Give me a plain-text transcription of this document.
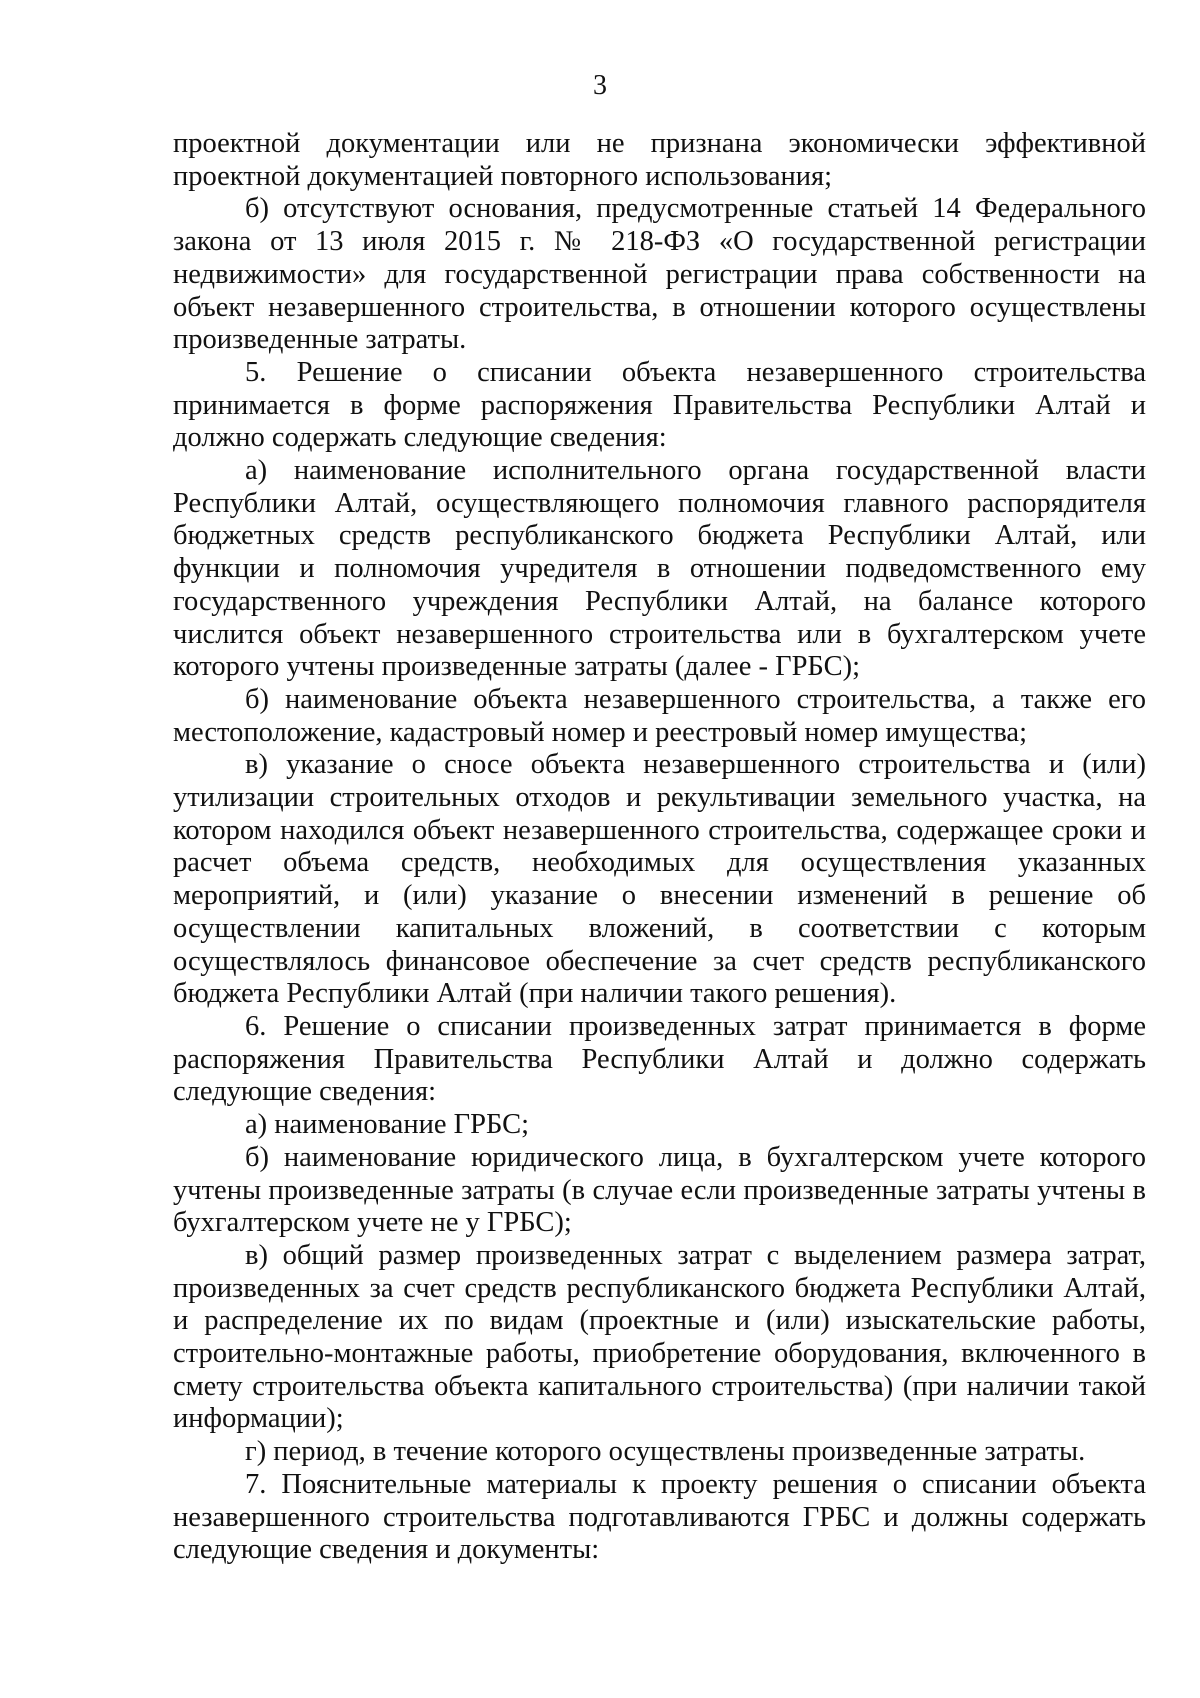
3

проектной документации или не признана экономически эффективной проектной документацией повторного использования;

б) отсутствуют основания, предусмотренные статьей 14 Федерального закона от 13 июля 2015 г. № 218-ФЗ «О государственной регистрации недвижимости» для государственной регистрации права собственности на объект незавершенного строительства, в отношении которого осуществлены произведенные затраты.

5. Решение о списании объекта незавершенного строительства принимается в форме распоряжения Правительства Республики Алтай и должно содержать следующие сведения:

а) наименование исполнительного органа государственной власти Республики Алтай, осуществляющего полномочия главного распорядителя бюджетных средств республиканского бюджета Республики Алтай, или функции и полномочия учредителя в отношении подведомственного ему государственного учреждения Республики Алтай, на балансе которого числится объект незавершенного строительства или в бухгалтерском учете которого учтены произведенные затраты (далее - ГРБС);

б) наименование объекта незавершенного строительства, а также его местоположение, кадастровый номер и реестровый номер имущества;

в) указание о сносе объекта незавершенного строительства и (или) утилизации строительных отходов и рекультивации земельного участка, на котором находился объект незавершенного строительства, содержащее сроки и расчет объема средств, необходимых для осуществления указанных мероприятий, и (или) указание о внесении изменений в решение об осуществлении капитальных вложений, в соответствии с которым осуществлялось финансовое обеспечение за счет средств республиканского бюджета Республики Алтай (при наличии такого решения).

6. Решение о списании произведенных затрат принимается в форме распоряжения Правительства Республики Алтай и должно содержать следующие сведения:

а) наименование ГРБС;

б) наименование юридического лица, в бухгалтерском учете которого учтены произведенные затраты (в случае если произведенные затраты учтены в бухгалтерском учете не у ГРБС);

в) общий размер произведенных затрат с выделением размера затрат, произведенных за счет средств республиканского бюджета Республики Алтай, и распределение их по видам (проектные и (или) изыскательские работы, строительно-монтажные работы, приобретение оборудования, включенного в смету строительства объекта капитального строительства) (при наличии такой информации);

г) период, в течение которого осуществлены произведенные затраты.

7. Пояснительные материалы к проекту решения о списании объекта незавершенного строительства подготавливаются ГРБС и должны содержать следующие сведения и документы:
